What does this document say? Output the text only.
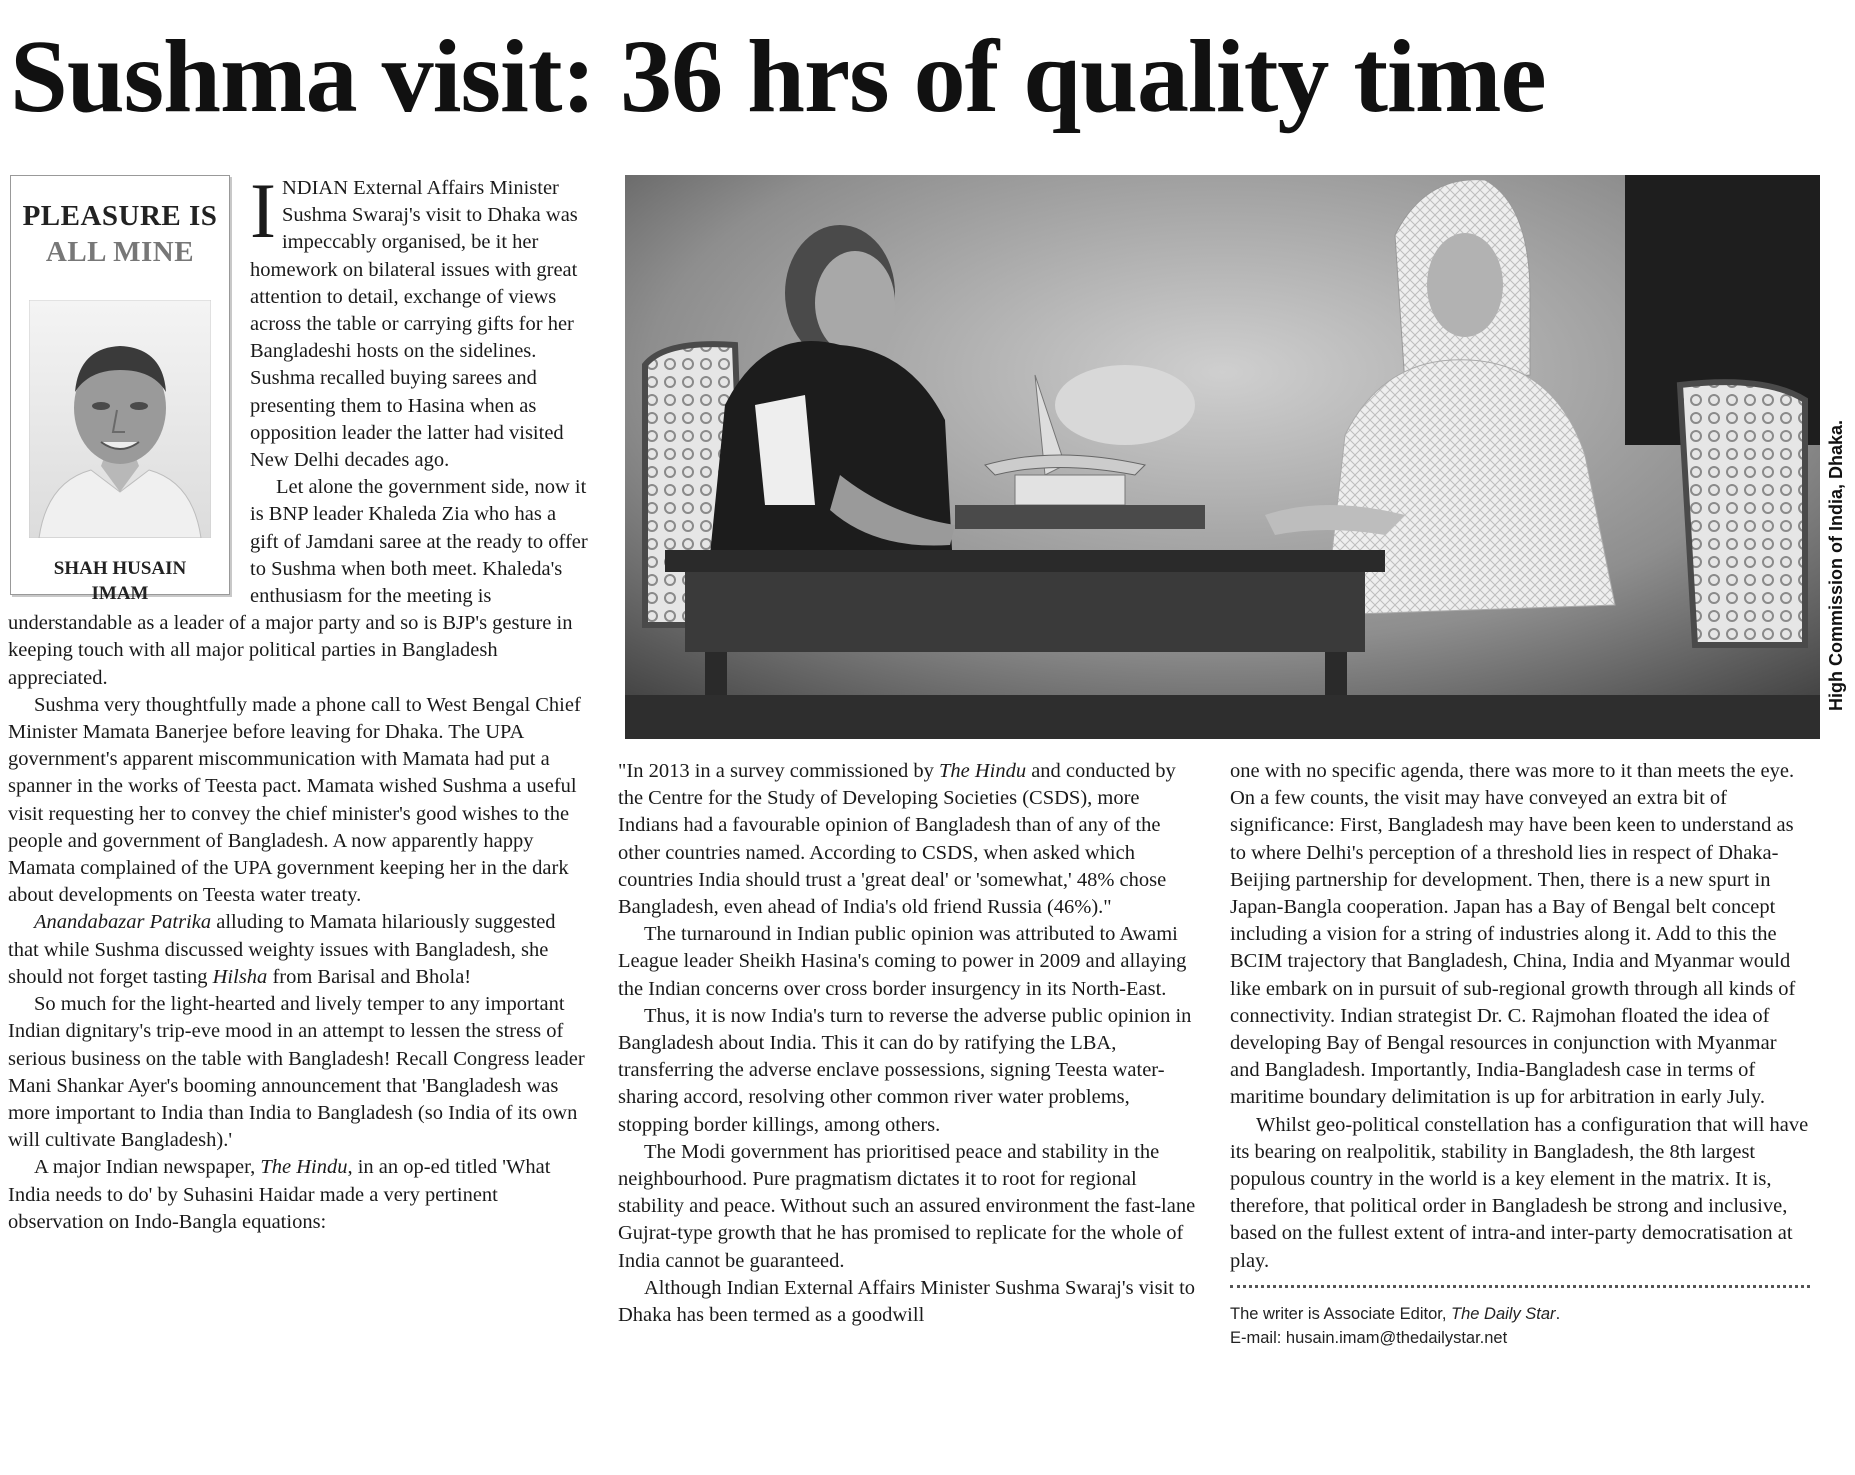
Sushma visit: 36 hrs of quality time
PLEASURE IS
ALL MINE
SHAH HUSAIN
IMAM

INDIAN External Affairs Minister Sushma Swaraj's visit to Dhaka was impeccably organised, be it her homework on bilateral issues with great attention to detail, exchange of views across the table or carrying gifts for her Bangladeshi hosts on the sidelines. Sushma recalled buying sarees and presenting them to Hasina when as opposition leader the latter had visited New Delhi decades ago.

Let alone the government side, now it is BNP leader Khaleda Zia who has a gift of Jamdani saree at the ready to offer to Sushma when both meet. Khaleda's enthusiasm for the meeting is understandable as a leader of a major party and so is BJP's gesture in keeping touch with all major political parties in Bangladesh appreciated.

Sushma very thoughtfully made a phone call to West Bengal Chief Minister Mamata Banerjee before leaving for Dhaka. The UPA government's apparent miscommunication with Mamata had put a spanner in the works of Teesta pact. Mamata wished Sushma a useful visit requesting her to convey the chief minister's good wishes to the people and government of Bangladesh. A now apparently happy Mamata complained of the UPA government keeping her in the dark about developments on Teesta water treaty.

Anandabazar Patrika alluding to Mamata hilariously suggested that while Sushma discussed weighty issues with Bangladesh, she should not forget tasting Hilsha from Barisal and Bhola!

So much for the light-hearted and lively temper to any important Indian dignitary's trip-eve mood in an attempt to lessen the stress of serious business on the table with Bangladesh! Recall Congress leader Mani Shankar Ayer's booming announcement that 'Bangladesh was more important to India than India to Bangladesh (so India of its own will cultivate Bangladesh).'

A major Indian newspaper, The Hindu, in an op-ed titled 'What India needs to do' by Suhasini Haidar made a very pertinent observation on Indo-Bangla equations:

High Commission of India, Dhaka.

"In 2013 in a survey commissioned by The Hindu and conducted by the Centre for the Study of Developing Societies (CSDS), more Indians had a favourable opinion of Bangladesh than of any of the other countries named. According to CSDS, when asked which countries India should trust a 'great deal' or 'somewhat,' 48% chose Bangladesh, even ahead of India's old friend Russia (46%)."

The turnaround in Indian public opinion was attributed to Awami League leader Sheikh Hasina's coming to power in 2009 and allaying the Indian concerns over cross border insurgency in its North-East.

Thus, it is now India's turn to reverse the adverse public opinion in Bangladesh about India. This it can do by ratifying the LBA, transferring the adverse enclave possessions, signing Teesta water-sharing accord, resolving other common river water problems, stopping border killings, among others.

The Modi government has prioritised peace and stability in the neighbourhood. Pure pragmatism dictates it to root for regional stability and peace. Without such an assured environment the fast-lane Gujrat-type growth that he has promised to replicate for the whole of India cannot be guaranteed.

Although Indian External Affairs Minister Sushma Swaraj's visit to Dhaka has been termed as a goodwill

one with no specific agenda, there was more to it than meets the eye. On a few counts, the visit may have conveyed an extra bit of significance: First, Bangladesh may have been keen to understand as to where Delhi's perception of a threshold lies in respect of Dhaka-Beijing partnership for development. Then, there is a new spurt in Japan-Bangla cooperation. Japan has a Bay of Bengal belt concept including a vision for a string of industries along it. Add to this the BCIM trajectory that Bangladesh, China, India and Myanmar would like embark on in pursuit of sub-regional growth through all kinds of connectivity. Indian strategist Dr. C. Rajmohan floated the idea of developing Bay of Bengal resources in conjunction with Myanmar and Bangladesh. Importantly, India-Bangladesh case in terms of maritime boundary delimitation is up for arbitration in early July.

Whilst geo-political constellation has a configuration that will have its bearing on realpolitik, stability in Bangladesh, the 8th largest populous country in the world is a key element in the matrix. It is, therefore, that political order in Bangladesh be strong and inclusive, based on the fullest extent of intra-and inter-party democratisation at play.

The writer is Associate Editor, The Daily Star.
E-mail: husain.imam@thedailystar.net
